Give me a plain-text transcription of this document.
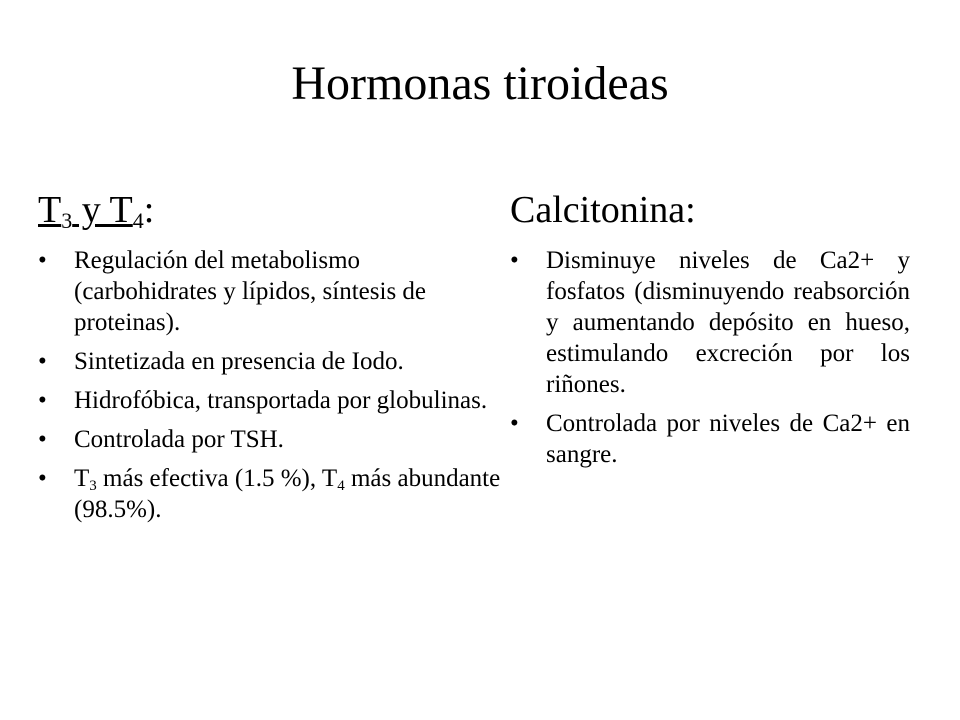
Hormonas tiroideas
$T_3$ y $T_4$:
•	Regulación del metabolismo (carbohidrates y lípidos, síntesis de proteinas).
•	Sintetizada en presencia de Iodo.
•	Hidrofóbica, transportada por globulinas.
•	Controlada por TSH.
•	$T_3$ más efectiva (1.5 %), $T_4$ más abundante (98.5%).
Calcitonina:
•	Disminuye niveles de Ca2+ y fosfatos (disminuyendo reabsorción y aumentando depósito en hueso, estimulando excreción por los riñones.
•	Controlada por niveles de Ca2+ en sangre.
